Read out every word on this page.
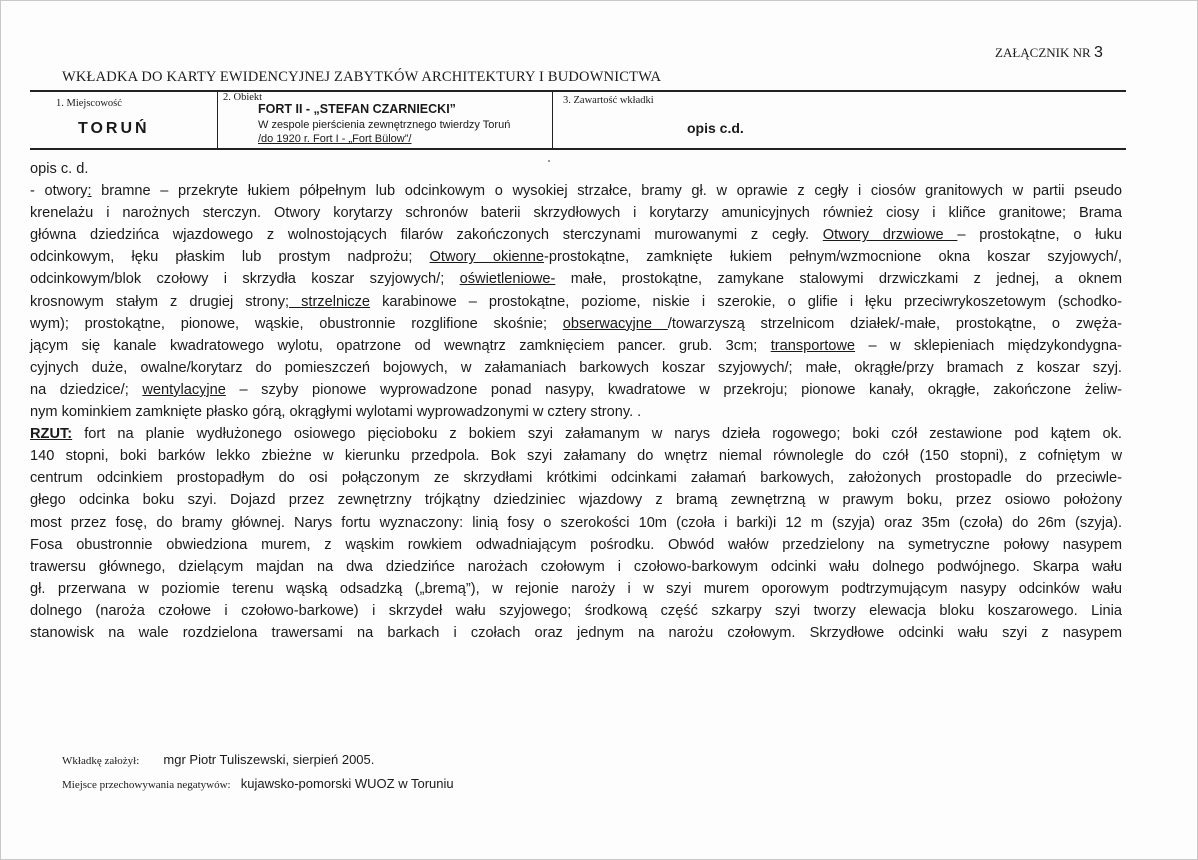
ZAŁĄCZNIK NR 3
WKŁADKA DO KARTY EWIDENCYJNEJ ZABYTKÓW ARCHITEKTURY I BUDOWNICTWA
1. Miejscowość
TORUŃ
2. Obiekt
FORT II - „STEFAN CZARNIECKI”
W zespole pierścienia zewnętrznego twierdzy Toruń
/do 1920 r. Fort I - „Fort Bülow”/
3. Zawartość wkładki
opis c.d.
opis c. d.
- otwory: bramne – przekryte łukiem półpełnym lub odcinkowym o wysokiej strzałce, bramy gł. w oprawie z cegły i ciosów granitowych w partii pseudo
krenelażu i narożnych sterczyn. Otwory korytarzy schronów baterii skrzydłowych i korytarzy amunicyjnych również ciosy i kliñce granitowe; Brama
główna dziedzińca wjazdowego z wolnostojących filarów zakończonych sterczynami murowanymi z cegły. Otwory drzwiowe – prostokątne, o łuku
odcinkowym, łęku płaskim lub prostym nadprożu; Otwory okienne-prostokątne, zamknięte łukiem pełnym/wzmocnione okna koszar szyjowych/,
odcinkowym/blok czołowy i skrzydła koszar szyjowych/; oświetleniowe- małe, prostokątne, zamykane stalowymi drzwiczkami z jednej, a oknem
krosnowym stałym z drugiej strony; strzelnicze karabinowe – prostokątne, poziome, niskie i szerokie, o glifie i łęku przeciwrykoszetowym (schodko-
wym); prostokątne, pionowe, wąskie, obustronnie rozglifione skośnie; obserwacyjne /towarzyszą strzelnicom działek/-małe, prostokątne, o zwęża-
jącym się kanale kwadratowego wylotu, opatrzone od wewnątrz zamknięciem pancer. grub. 3cm; transportowe – w sklepieniach międzykondygna-
cyjnych duże, owalne/korytarz do pomieszczeń bojowych, w załamaniach barkowych koszar szyjowych/; małe, okrągłe/przy bramach z koszar szyj.
na dziedzice/; wentylacyjne – szyby pionowe wyprowadzone ponad nasypy, kwadratowe w przekroju; pionowe kanały, okrągłe, zakończone żeliw-
nym kominkiem zamknięte płasko górą, okrągłymi wylotami wyprowadzonymi w cztery strony. .
RZUT: fort na planie wydłużonego osiowego pięcioboku z bokiem szyi załamanym w narys dzieła rogowego; boki czół zestawione pod kątem ok.
140 stopni, boki barków lekko zbieżne w kierunku przedpola. Bok szyi załamany do wnętrz niemal równolegle do czół (150 stopni), z cofniętym w
centrum odcinkiem prostopadłym do osi połączonym ze skrzydłami krótkimi odcinkami załamań barkowych, założonych prostopadle do przeciwle-
głego odcinka boku szyi. Dojazd przez zewnętrzny trójkątny dziedziniec wjazdowy z bramą zewnętrzną w prawym boku, przez osiowo położony
most przez fosę, do bramy głównej. Narys fortu wyznaczony: linią fosy o szerokości 10m (czoła i barki)i 12 m (szyja) oraz 35m (czoła) do 26m (szyja).
Fosa obustronnie obwiedziona murem, z wąskim rowkiem odwadniającym pośrodku. Obwód wałów przedzielony na symetryczne połowy nasypem
trawersu głównego, dzielącym majdan na dwa dziedzińce narożach czołowym i czołowo-barkowym odcinki wału dolnego podwójnego. Skarpa wału
gł. przerwana w poziomie terenu wąską odsadzką („bremą”), w rejonie naroży i w szyi murem oporowym podtrzymującym nasypy odcinków wału
dolnego (naroża czołowe i czołowo-barkowe) i skrzydeł wału szyjowego; środkową część szkarpy szyi tworzy elewacja bloku koszarowego. Linia
stanowisk na wale rozdzielona trawersami na barkach i czołach oraz jednym na narożu czołowym. Skrzydłowe odcinki wału szyi z nasypem
Wkładkę założył: mgr Piotr Tuliszewski, sierpień 2005.
Miejsce przechowywania negatywów: kujawsko-pomorski WUOZ w Toruniu
